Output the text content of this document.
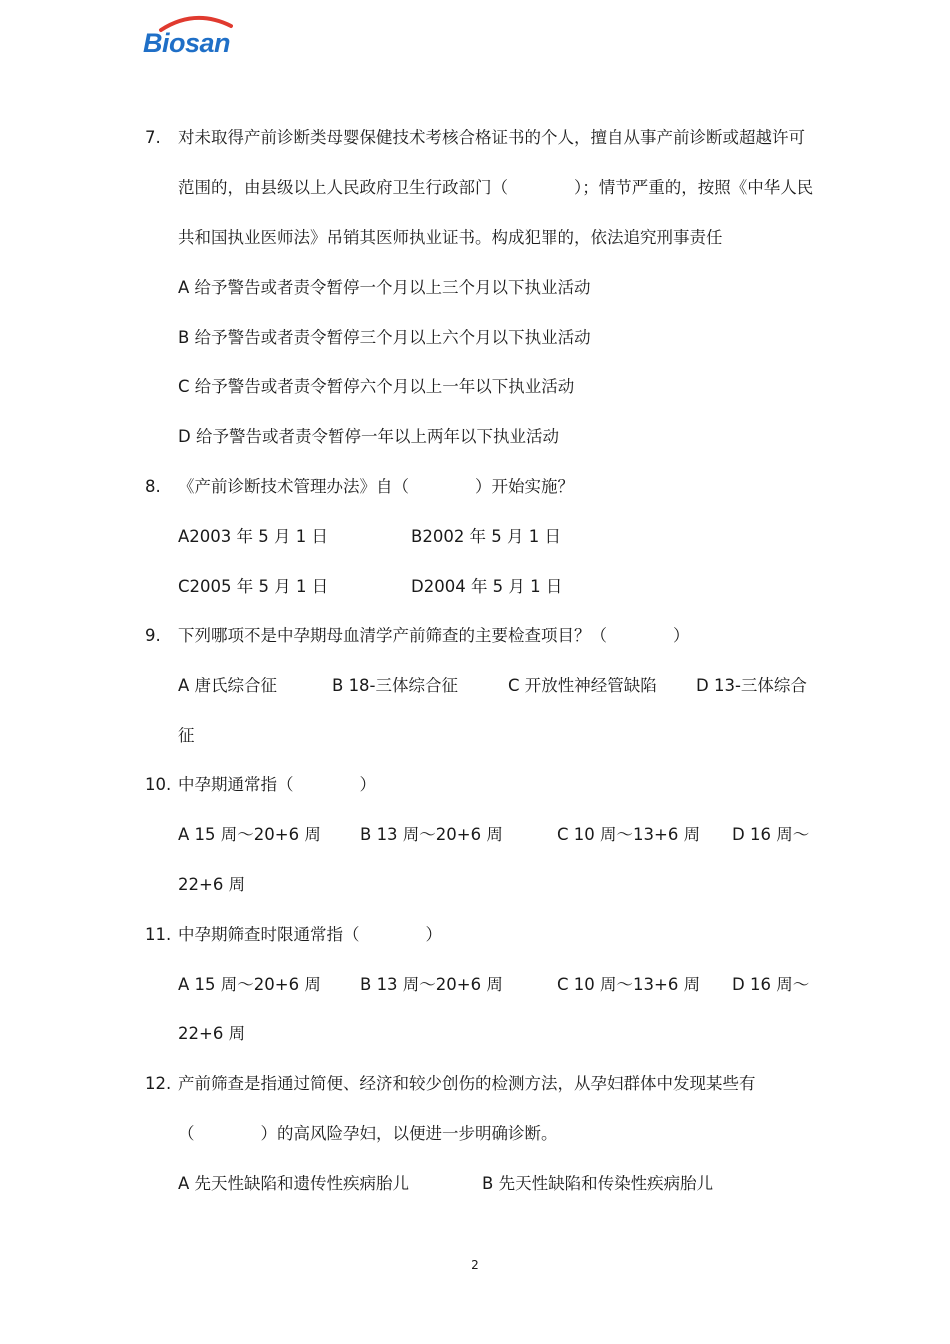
Biosan
7. 对未取得产前诊断类母婴保健技术考核合格证书的个人，擅自从事产前诊断或超越许可
范围的，由县级以上人民政府卫生行政部门（　　　　）；情节严重的，按照《中华人民
共和国执业医师法》吊销其医师执业证书。构成犯罪的，依法追究刑事责任
A 给予警告或者责令暂停一个月以上三个月以下执业活动
B 给予警告或者责令暂停三个月以上六个月以下执业活动
C 给予警告或者责令暂停六个月以上一年以下执业活动
D 给予警告或者责令暂停一年以上两年以下执业活动
8. 《产前诊断技术管理办法》自（　　　　）开始实施？
A2003 年 5 月 1 日	B2002 年 5 月 1 日
C2005 年 5 月 1 日	D2004 年 5 月 1 日
9. 下列哪项不是中孕期母血清学产前筛查的主要检查项目？（　　　　）
A 唐氏综合征	B 18-三体综合征	C 开放性神经管缺陷 D 13-三体综合
征
10. 中孕期通常指（　　　　）
A 15 周～20+6 周 B 13 周～20+6 周	C 10 周～13+6 周 D 16 周～
22+6 周
11. 中孕期筛查时限通常指（　　　　）
A 15 周～20+6 周 B 13 周～20+6 周	C 10 周～13+6 周 D 16 周～
22+6 周
12. 产前筛查是指通过简便、经济和较少创伤的检测方法，从孕妇群体中发现某些有
（　　　　）的高风险孕妇，以便进一步明确诊断。
A 先天性缺陷和遗传性疾病胎儿	B 先天性缺陷和传染性疾病胎儿
2
